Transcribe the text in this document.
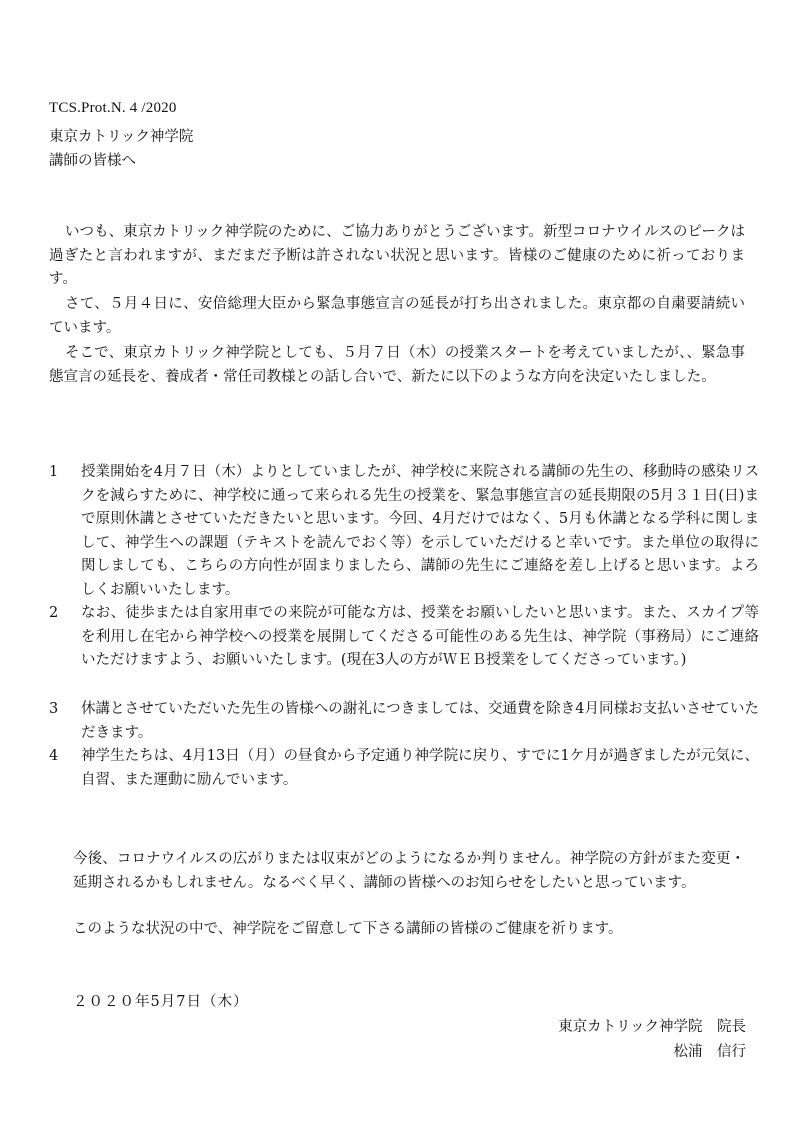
TCS.Prot.N. 4 /2020
東京カトリック神学院
講師の皆様へ

いつも、東京カトリック神学院のために、ご協力ありがとうございます。新型コロナウイルスのピークは過ぎたと言われますが、まだまだ予断は許されない状況と思います。皆様のご健康のために祈っております。

さて、５月４日に、安倍総理大臣から緊急事態宣言の延長が打ち出されました。東京都の自粛要請続いています。

そこで、東京カトリック神学院としても、５月７日（木）の授業スタートを考えていましたが、、緊急事態宣言の延長を、養成者・常任司教様との話し合いで、新たに以下のような方向を決定いたしました。

1	授業開始を4月７日（木）よりとしていましたが、神学校に来院される講師の先生の、移動時の感染リスクを減らすために、神学校に通って来られる先生の授業を、緊急事態宣言の延長期限の5月３１日(日)まで原則休講とさせていただきたいと思います。今回、4月だけではなく、5月も休講となる学科に関しまして、神学生への課題（テキストを読んでおく等）を示していただけると幸いです。また単位の取得に関しましても、こちらの方向性が固まりましたら、講師の先生にご連絡を差し上げると思います。よろしくお願いいたします。
2	なお、徒歩または自家用車での来院が可能な方は、授業をお願いしたいと思います。また、スカイプ等を利用し在宅から神学校への授業を展開してくださる可能性のある先生は、神学院（事務局）にご連絡いただけますよう、お願いいたします。(現在3人の方がＷＥＢ授業をしてくださっています。)
3	休講とさせていただいた先生の皆様への謝礼につきましては、交通費を除き4月同様お支払いさせていただきます。
4	神学生たちは、4月13日（月）の昼食から予定通り神学院に戻り、すでに1ケ月が過ぎましたが元気に、自習、また運動に励んでいます。

今後、コロナウイルスの広がりまたは収束がどのようになるか判りません。神学院の方針がまた変更・延期されるかもしれません。なるべく早く、講師の皆様へのお知らせをしたいと思っています。

このような状況の中で、神学院をご留意して下さる講師の皆様のご健康を祈ります。

２０２０年5月7日（木）
東京カトリック神学院　院長
松浦　信行
